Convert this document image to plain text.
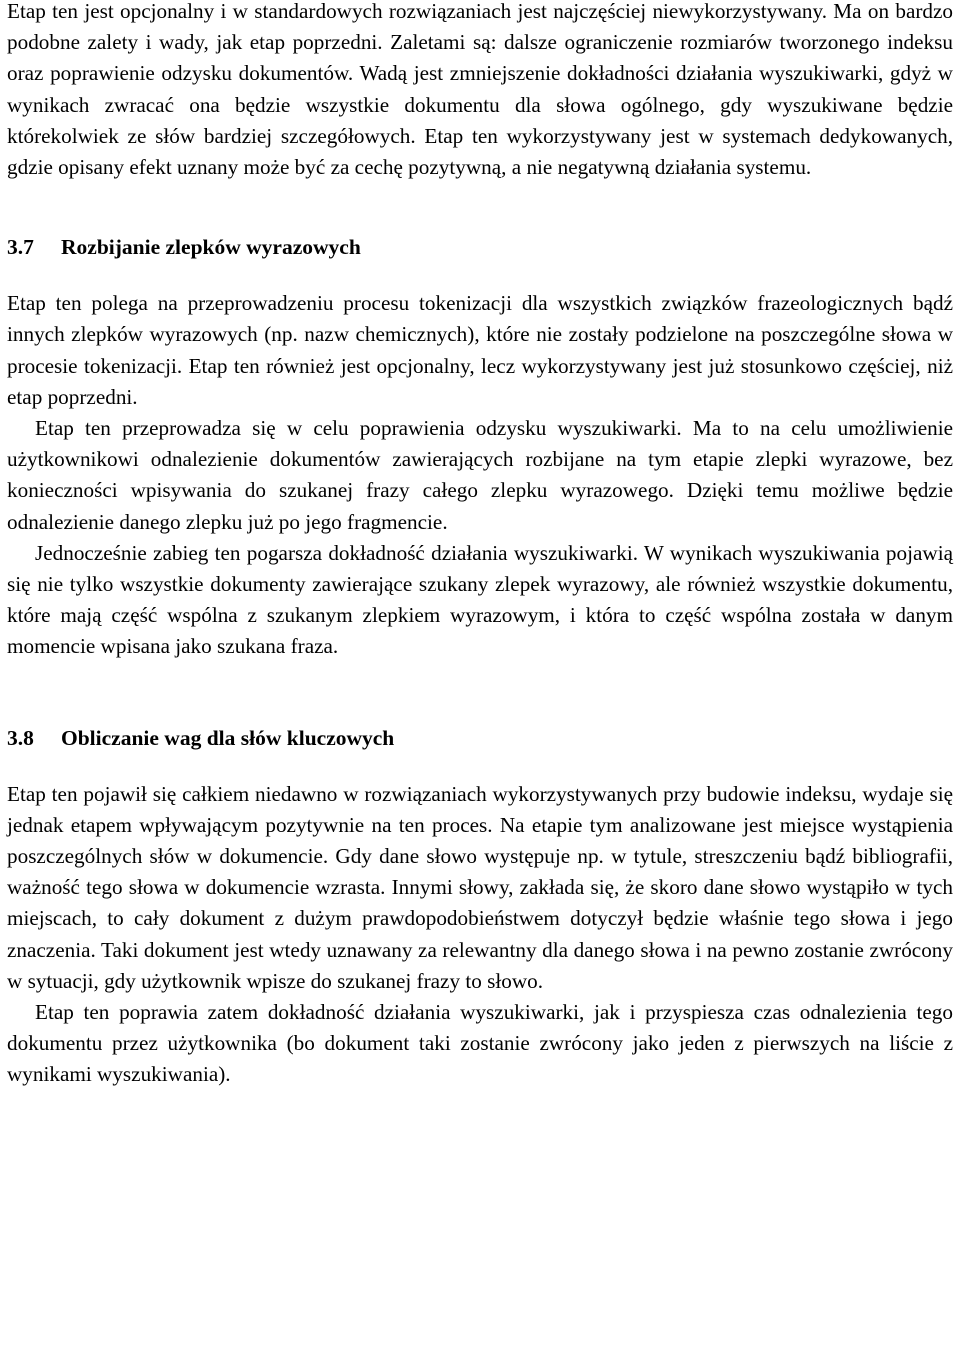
Etap ten jest opcjonalny i w standardowych rozwiązaniach jest najczęściej niewykorzystywany. Ma on bardzo podobne zalety i wady, jak etap poprzedni. Zaletami są: dalsze ograniczenie rozmiarów tworzonego indeksu oraz poprawienie odzysku dokumentów. Wadą jest zmniejszenie dokładności działania wyszukiwarki, gdyż w wynikach zwracać ona będzie wszystkie dokumentu dla słowa ogólnego, gdy wyszukiwane będzie którekolwiek ze słów bardziej szczegółowych. Etap ten wykorzystywany jest w systemach dedykowanych, gdzie opisany efekt uznany może być za cechę pozytywną, a nie negatywną działania systemu.

3.7	Rozbijanie zlepków wyrazowych

Etap ten polega na przeprowadzeniu procesu tokenizacji dla wszystkich związków frazeologicznych bądź innych zlepków wyrazowych (np. nazw chemicznych), które nie zostały podzielone na poszczególne słowa w procesie tokenizacji. Etap ten również jest opcjonalny, lecz wykorzystywany jest już stosunkowo częściej, niż etap poprzedni.

Etap ten przeprowadza się w celu poprawienia odzysku wyszukiwarki. Ma to na celu umożliwienie użytkownikowi odnalezienie dokumentów zawierających rozbijane na tym etapie zlepki wyrazowe, bez konieczności wpisywania do szukanej frazy całego zlepku wyrazowego. Dzięki temu możliwe będzie odnalezienie danego zlepku już po jego fragmencie.

Jednocześnie zabieg ten pogarsza dokładność działania wyszukiwarki. W wynikach wyszukiwania pojawią się nie tylko wszystkie dokumenty zawierające szukany zlepek wyrazowy, ale również wszystkie dokumentu, które mają część wspólna z szukanym zlepkiem wyrazowym, i która to część wspólna została w danym momencie wpisana jako szukana fraza.

3.8	Obliczanie wag dla słów kluczowych

Etap ten pojawił się całkiem niedawno w rozwiązaniach wykorzystywanych przy budowie indeksu, wydaje się jednak etapem wpływającym pozytywnie na ten proces. Na etapie tym analizowane jest miejsce wystąpienia poszczególnych słów w dokumencie. Gdy dane słowo występuje np. w tytule, streszczeniu bądź bibliografii, ważność tego słowa w dokumencie wzrasta. Innymi słowy, zakłada się, że skoro dane słowo wystąpiło w tych miejscach, to cały dokument z dużym prawdopodobieństwem dotyczył będzie właśnie tego słowa i jego znaczenia. Taki dokument jest wtedy uznawany za relewantny dla danego słowa i na pewno zostanie zwrócony w sytuacji, gdy użytkownik wpisze do szukanej frazy to słowo.

Etap ten poprawia zatem dokładność działania wyszukiwarki, jak i przyspiesza czas odnalezienia tego dokumentu przez użytkownika (bo dokument taki zostanie zwrócony jako jeden z pierwszych na liście z wynikami wyszukiwania).
